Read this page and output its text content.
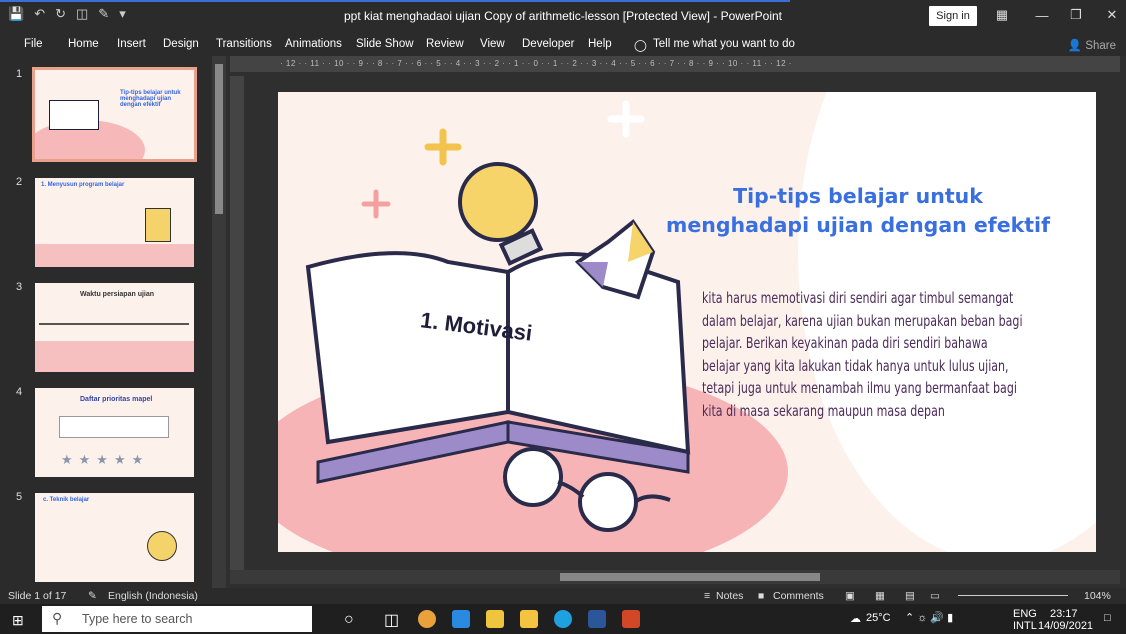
💾 ↶ ↻ ◫ ✎ ▾	ppt kiat menghadaoi ujian Copy of arithmetic-lesson [Protected View] - PowerPoint	Sign in	▦	—	❐	✕
File Home Insert Design Transitions Animations Slide Show Review View Developer Help ◯ Tell me what you want to do	👤 Share
1
Tip-tips belajar untuk menghadapi ujian dengan efektif
2	1. Menyusun program belajar
3
Waktu persiapan ujian
4
Daftar prioritas mapel
★★★★★
5	c. Teknik belajar
· 12 · · 11 · · 10 · · 9 · · 8 · · 7 · · 6 · · 5 · · 4 · · 3 · · 2 · · 1 · · 0 · · 1 · · 2 · · 3 · · 4 · · 5 · · 6 · · 7 · · 8 · · 9 · · 10 · · 11 · · 12 ·
Tip-tips belajar untuk menghadapi ujian dengan efektif
1. Motivasi
kita harus memotivasi diri sendiri agar timbul semangat dalam belajar, karena ujian bukan merupakan beban bagi pelajar. Berikan keyakinan pada diri sendiri bahawa belajar yang kita lakukan tidak hanya untuk lulus ujian, tetapi juga untuk menambah ilmu yang bermanfaat bagi kita di masa sekarang maupun masa depan
Slide 1 of 17 ✎ English (Indonesia)	≡ Notes ■ Comments ▣ ▦ ▤ ▭	104%
⊞	Type here to search
⚲	○ ◫	☁ 25°C ⌃ ☼ 🔊 ▮	ENG
INTL
23:17
14/09/2021
□
